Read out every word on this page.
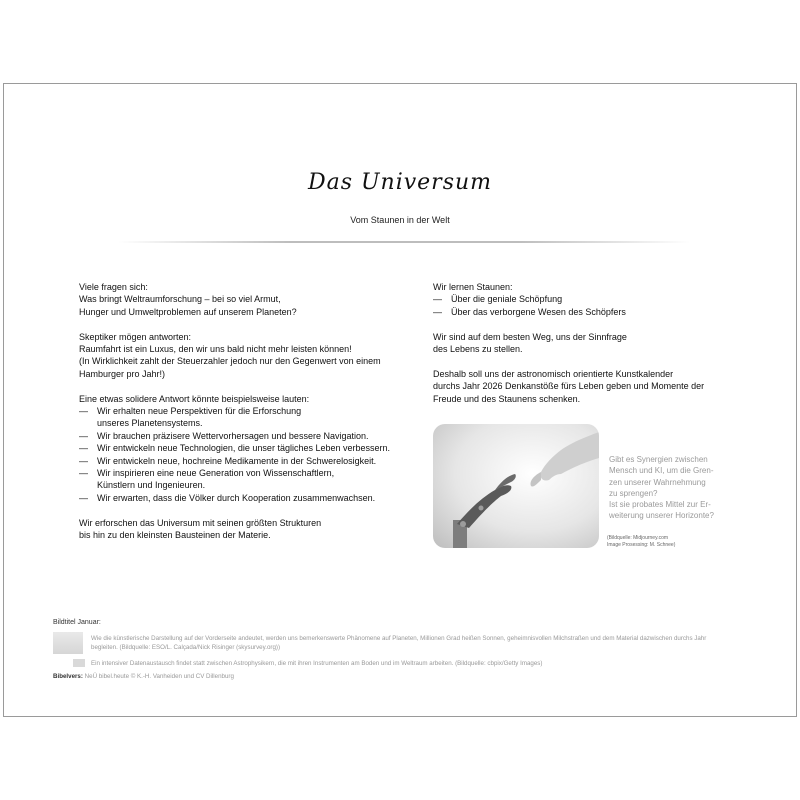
Das Universum
Vom Staunen in der Welt

Viele fragen sich:

Was bringt Weltraumforschung – bei so viel Armut,

Hunger und Umweltproblemen auf unserem Planeten?

Skeptiker mögen antworten:

Raumfahrt ist ein Luxus, den wir uns bald nicht mehr leisten können!

(In Wirklichkeit zahlt der Steuerzahler jedoch nur den Gegenwert von einem

Hamburger pro Jahr!)

Eine etwas solidere Antwort könnte beispielsweise lauten:

—	Wir erhalten neue Perspektiven für die Erforschung

unseres Planetensystems.

—	Wir brauchen präzisere Wettervorhersagen und bessere Navigation.
—	Wir entwickeln neue Technologien, die unser tägliches Leben verbessern.
—	Wir entwickeln neue, hochreine Medikamente in der Schwerelosigkeit.
—	Wir inspirieren eine neue Generation von Wissenschaftlern,

Künstlern und Ingenieuren.

—	Wir erwarten, dass die Völker durch Kooperation zusammenwachsen.

Wir erforschen das Universum mit seinen größten Strukturen

bis hin zu den kleinsten Bausteinen der Materie.

Wir lernen Staunen:

—	Über die geniale Schöpfung
—	Über das verborgene Wesen des Schöpfers

Wir sind auf dem besten Weg, uns der Sinnfrage

des Lebens zu stellen.

Deshalb soll uns der astronomisch orientierte Kunstkalender

durchs Jahr 2026 Denkanstöße fürs Leben geben und Momente der

Freude und des Staunens schenken.

Gibt es Synergien zwischen
Mensch und KI, um die Gren-
zen unserer Wahrnehmung
zu sprengen?
Ist sie probates Mittel zur Er-
weiterung unserer Horizonte?
(Bildquelle: Midjourney.com
Image Prosessing: M. Schnee)
Bildtitel Januar:
Wie die künstlerische Darstellung auf der Vorderseite andeutet, werden uns bemerkenswerte Phänomene auf Planeten, Millionen Grad heißen Sonnen, geheimnisvollen Milchstraßen und dem Material dazwischen durchs Jahr begleiten. (Bildquelle: ESO/L. Calçada/Nick Risinger (skysurvey.org))
Ein intensiver Datenaustausch findet statt zwischen Astrophysikern, die mit ihren Instrumenten am Boden und im Weltraum arbeiten. (Bildquelle: cbpix/Getty Images)
Bibelvers: NeÜ bibel.heute © K.-H. Vanheiden und CV Dillenburg
